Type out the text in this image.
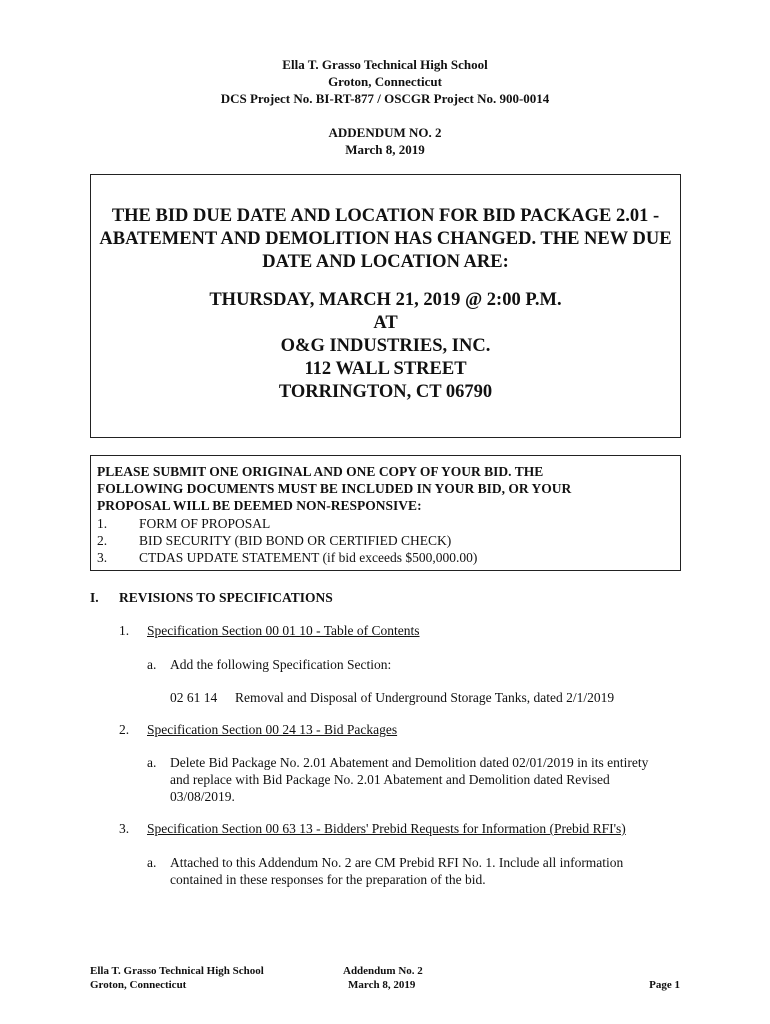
Ella T. Grasso Technical High School
Groton, Connecticut
DCS Project No. BI-RT-877 / OSCGR Project No. 900-0014
ADDENDUM NO. 2
March 8, 2019
THE BID DUE DATE AND LOCATION FOR BID PACKAGE 2.01 -
ABATEMENT AND DEMOLITION HAS CHANGED. THE NEW DUE
DATE AND LOCATION ARE:
THURSDAY, MARCH 21, 2019 @ 2:00 P.M.
AT
O&G INDUSTRIES, INC.
112 WALL STREET
TORRINGTON, CT 06790
PLEASE SUBMIT ONE ORIGINAL AND ONE COPY OF YOUR BID. THE
FOLLOWING DOCUMENTS MUST BE INCLUDED IN YOUR BID, OR YOUR
PROPOSAL WILL BE DEEMED NON-RESPONSIVE:
1. FORM OF PROPOSAL
2. BID SECURITY (BID BOND OR CERTIFIED CHECK)
3. CTDAS UPDATE STATEMENT (if bid exceeds $500,000.00)
I. REVISIONS TO SPECIFICATIONS
1. Specification Section 00 01 10 - Table of Contents
a. Add the following Specification Section:
02 61 14 Removal and Disposal of Underground Storage Tanks, dated 2/1/2019
2. Specification Section 00 24 13 - Bid Packages
a. Delete Bid Package No. 2.01 Abatement and Demolition dated 02/01/2019 in its entirety
and replace with Bid Package No. 2.01 Abatement and Demolition dated Revised
03/08/2019.
3. Specification Section 00 63 13 - Bidders' Prebid Requests for Information (Prebid RFI's)
a. Attached to this Addendum No. 2 are CM Prebid RFI No. 1. Include all information
contained in these responses for the preparation of the bid.
Ella T. Grasso Technical High School
Groton, Connecticut
Addendum No. 2
March 8, 2019	Page 1
